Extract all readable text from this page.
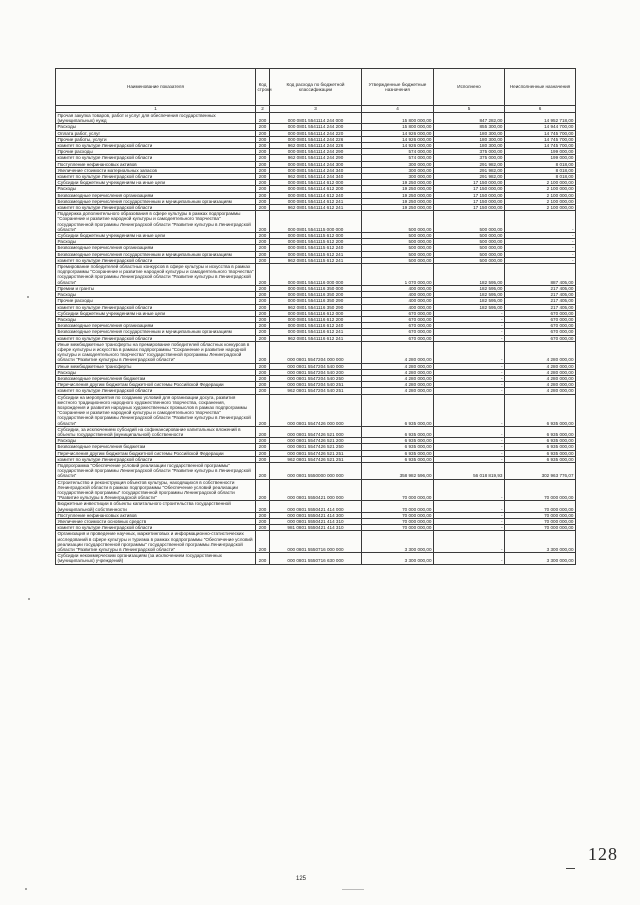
Наименование показателя	Код строки	Код расхода по бюджетной классификации	Утвержденные бюджетные назначения	Исполнено	Неисполненные назначения
1	2	3	4	5	6
Прочая закупка товаров, работ и услуг для обеспечения государственных (муниципальных) нужд	200	000 0801 5541114 244 000	15 800 000,00	847 282,00	14 952 718,00
Расходы	200	000 0801 5541114 244 200	15 800 000,00	855 300,00	14 944 700,00
Оплата работ, услуг	200	000 0801 5541114 244 220	14 926 000,00	180 300,00	14 745 700,00
Прочие работы, услуги	200	000 0801 5541114 244 226	14 926 000,00	180 300,00	14 745 700,00
комитет по культуре Ленинградской области	200	962 0801 5541114 244 226	14 926 000,00	180 300,00	14 745 700,00
Прочие расходы	200	000 0801 5541114 244 290	574 000,00	375 000,00	199 000,00
комитет по культуре Ленинградской области	200	962 0801 5541114 244 290	574 000,00	375 000,00	199 000,00
Поступление нефинансовых активов	200	000 0801 5541114 244 300	300 000,00	291 982,00	8 018,00
Увеличение стоимости материальных запасов	200	000 0801 5541114 244 340	300 000,00	291 982,00	8 018,00
комитет по культуре Ленинградской области	200	962 0801 5541114 244 340	300 000,00	291 982,00	8 018,00
Субсидии бюджетным учреждениям на иные цели	200	000 0801 5541114 612 000	19 250 000,00	17 150 000,00	2 100 000,00
Расходы	200	000 0801 5541114 612 200	19 250 000,00	17 150 000,00	2 100 000,00
Безвозмездные перечисления организациям	200	000 0801 5541114 612 240	19 250 000,00	17 150 000,00	2 100 000,00
Безвозмездные перечисления государственным и муниципальным организациям	200	000 0801 5541114 612 241	19 250 000,00	17 150 000,00	2 100 000,00
комитет по культуре Ленинградской области	200	962 0801 5541114 612 241	19 250 000,00	17 150 000,00	2 100 000,00
Поддержка дополнительного образования в сфере культуры в рамках подпрограммы "Сохранение и развитие народной культуры и самодеятельного творчества" государственной программы Ленинградской области "Развитие культуры в Ленинградской области"	200	000 0801 5541115 000 000	500 000,00	500 000,00	-
Субсидии бюджетным учреждениям на иные цели	200	000 0801 5541115 612 000	500 000,00	500 000,00	-
Расходы	200	000 0801 5541115 612 200	500 000,00	500 000,00	-
Безвозмездные перечисления организациям	200	000 0801 5541115 612 240	500 000,00	500 000,00	-
Безвозмездные перечисления государственным и муниципальным организациям	200	000 0801 5541115 612 241	500 000,00	500 000,00	-
комитет по культуре Ленинградской области	200	962 0801 5541115 612 241	500 000,00	500 000,00	-
Премирование победителей областных конкурсов в сфере культуры и искусства в рамках подпрограммы "Сохранение и развитие народной культуры и самодеятельного творчества" государственной программы Ленинградской области "Развитие культуры в Ленинградской области"	200	000 0801 5541116 000 000	1 070 000,00	182 595,00	887 405,00
Премии и гранты	200	000 0801 5541116 350 000	400 000,00	182 595,00	217 405,00
Расходы	200	000 0801 5541116 350 200	400 000,00	182 595,00	217 405,00
Прочие расходы	200	000 0801 5541116 350 290	400 000,00	182 595,00	217 405,00
комитет по культуре Ленинградской области	200	962 0801 5541116 350 290	400 000,00	182 595,00	217 405,00
Субсидии бюджетным учреждениям на иные цели	200	000 0801 5541116 612 000	670 000,00	-	670 000,00
Расходы	200	000 0801 5541116 612 200	670 000,00	-	670 000,00
Безвозмездные перечисления организациям	200	000 0801 5541116 612 240	670 000,00	-	670 000,00
Безвозмездные перечисления государственным и муниципальным организациям	200	000 0801 5541116 612 241	670 000,00	-	670 000,00
комитет по культуре Ленинградской области	200	962 0801 5541116 612 241	670 000,00	-	670 000,00
Иные межбюджетные трансферты на премирование победителей областных конкурсов в сфере культуры и искусства в рамках подпрограммы "Сохранение и развитие народной культуры и самодеятельного творчества" государственной программы Ленинградской области "Развитие культуры в Ленинградской области"	200	000 0801 5547204 000 000	4 280 000,00	-	4 280 000,00
Иные межбюджетные трансферты	200	000 0801 5547204 540 000	4 280 000,00	-	4 280 000,00
Расходы	200	000 0801 5547204 540 200	4 280 000,00	-	4 280 000,00
Безвозмездные перечисления бюджетам	200	000 0801 5547204 540 250	4 280 000,00	-	4 280 000,00
Перечисления другим бюджетам бюджетной системы Российской Федерации	200	000 0801 5547204 540 251	4 280 000,00	-	4 280 000,00
комитет по культуре Ленинградской области	200	962 0801 5547204 540 251	4 280 000,00	-	4 280 000,00
Субсидии на мероприятия по созданию условий для организации досуга, развития местного традиционного народного художественного творчества, сохранения, возрождения и развития народных художественных промыслов в рамках подпрограммы "Сохранение и развитие народной культуры и самодеятельного творчества" государственной программы Ленинградской области "Развитие культуры в Ленинградской области"	200	000 0801 5547426 000 000	6 935 000,00	-	6 935 000,00
Субсидии, за исключением субсидий на софинансирование капитальных вложений в объекты государственной (муниципальной) собственности	200	000 0801 5547426 521 000	6 935 000,00	-	6 935 000,00
Расходы	200	000 0801 5547426 521 200	6 935 000,00	-	6 935 000,00
Безвозмездные перечисления бюджетам	200	000 0801 5547426 521 250	6 935 000,00	-	6 935 000,00
Перечисления другим бюджетам бюджетной системы Российской Федерации	200	000 0801 5547426 521 251	6 935 000,00	-	6 935 000,00
комитет по культуре Ленинградской области	200	962 0801 5547426 521 251	6 935 000,00	-	6 935 000,00
Подпрограмма "Обеспечение условий реализации государственной программы" государственной программы Ленинградской области "Развитие культуры в Ленинградской области"	200	000 0801 5550000 000 000	358 982 596,00	56 018 819,93	302 963 776,07
Строительство и реконструкция объектов культуры, находящихся в собственности Ленинградской области в рамках подпрограммы "Обеспечение условий реализации государственной программы" государственной программы Ленинградской области "Развитие культуры в Ленинградской области"	200	000 0801 5550421 000 000	70 000 000,00	-	70 000 000,00
Бюджетные инвестиции в объекты капитального строительства государственной (муниципальной) собственности	200	000 0801 5550421 414 000	70 000 000,00	-	70 000 000,00
Поступление нефинансовых активов	200	000 0801 5550421 414 300	70 000 000,00	-	70 000 000,00
Увеличение стоимости основных средств	200	000 0801 5550421 414 310	70 000 000,00	-	70 000 000,00
комитет по культуре Ленинградской области	200	981 0801 5550421 414 310	70 000 000,00	-	70 000 000,00
Организация и проведение научных, маркетинговых и информационно-статистических исследований в сфере культуры и туризма в рамках подпрограммы "Обеспечение условий реализации государственной программы" государственной программы Ленинградской области "Развитие культуры в Ленинградской области"	200	000 0801 5550716 000 000	3 300 000,00	-	3 300 000,00
Субсидии некоммерческим организациям (за исключением государственных (муниципальных) учреждений)	200	000 0801 5550716 630 000	3 300 000,00	-	3 300 000,00
125
128
